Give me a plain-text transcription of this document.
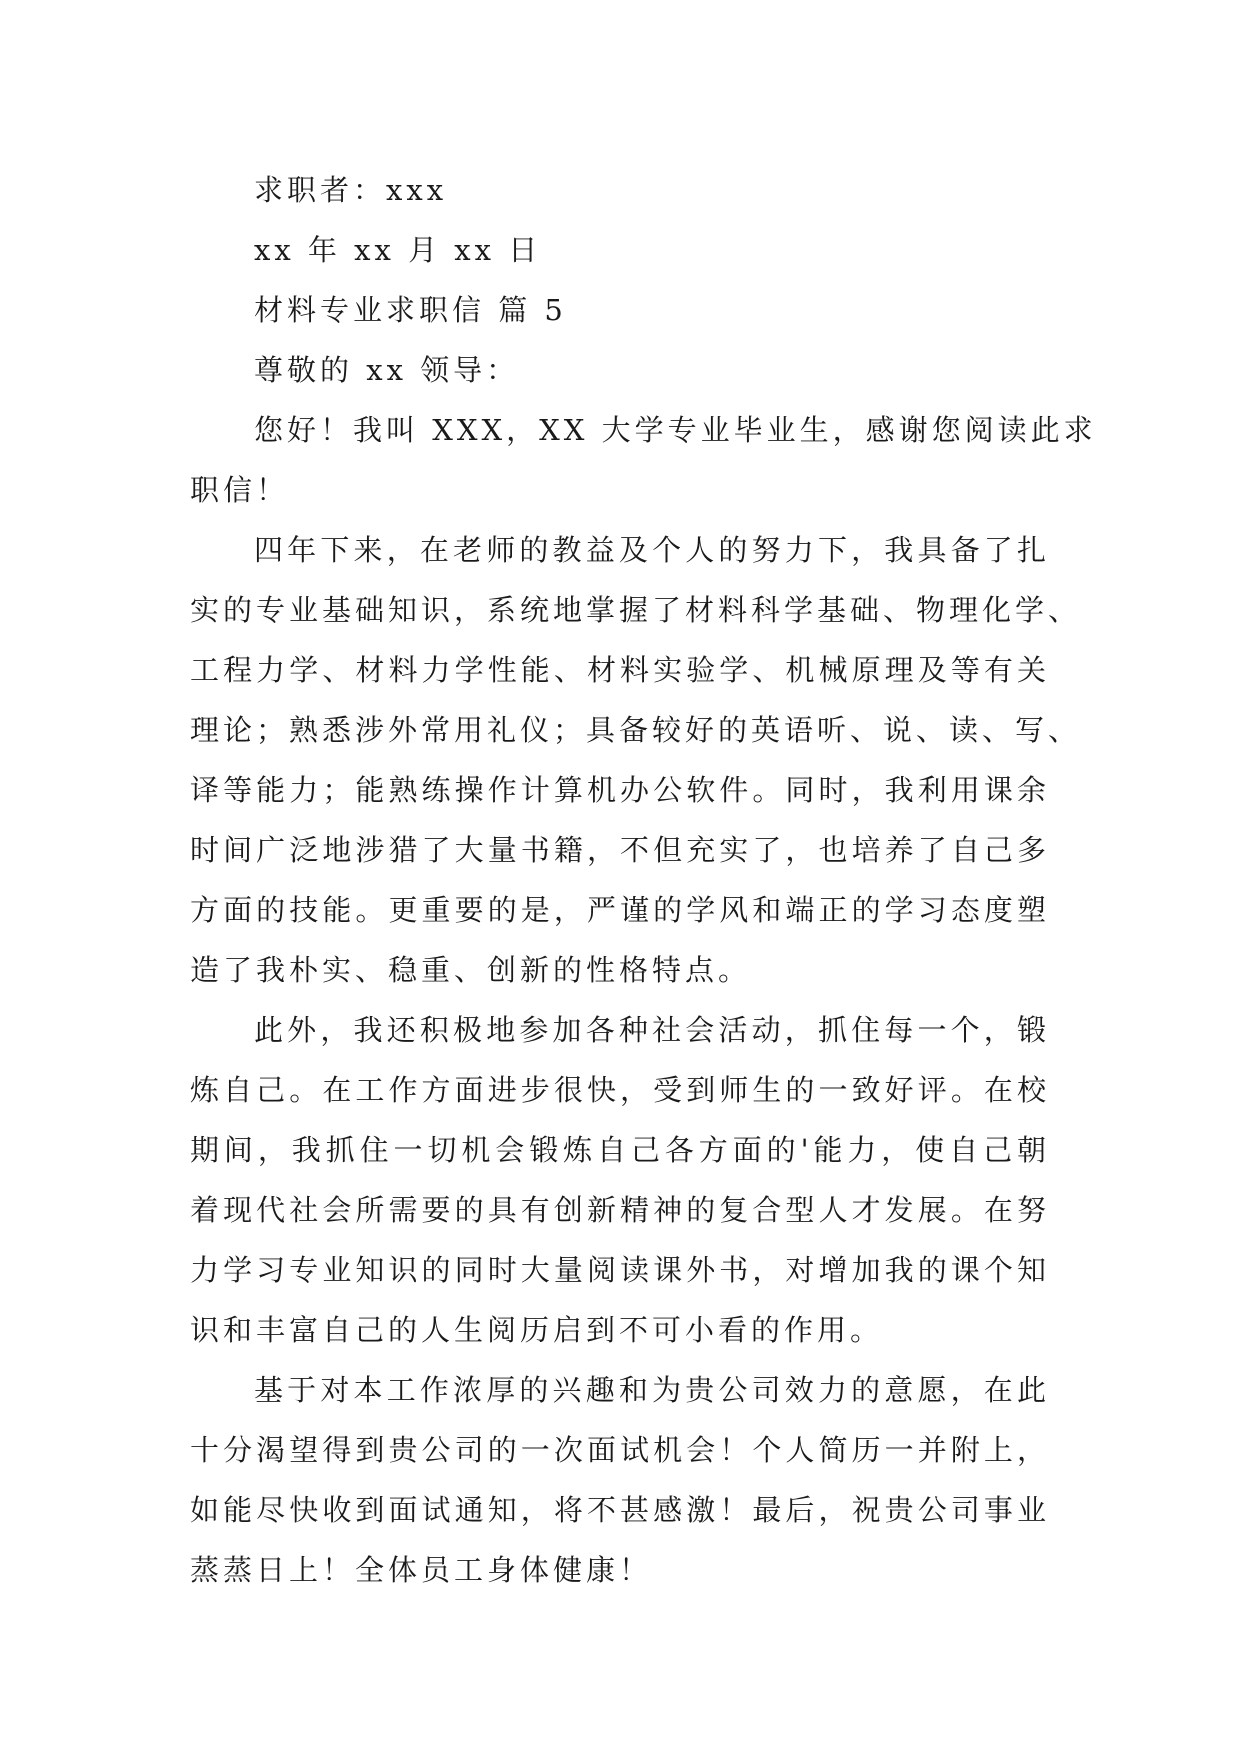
求职者：xxx

xx 年 xx 月 xx 日

材料专业求职信 篇 5

尊敬的 xx 领导：

您好！我叫 XXX，XX 大学专业毕业生，感谢您阅读此求

职信！

四年下来，在老师的教益及个人的努力下，我具备了扎

实的专业基础知识，系统地掌握了材料科学基础、物理化学、

工程力学、材料力学性能、材料实验学、机械原理及等有关

理论；熟悉涉外常用礼仪；具备较好的英语听、说、读、写、

译等能力；能熟练操作计算机办公软件。同时，我利用课余

时间广泛地涉猎了大量书籍，不但充实了，也培养了自己多

方面的技能。更重要的是，严谨的学风和端正的学习态度塑

造了我朴实、稳重、创新的性格特点。

此外，我还积极地参加各种社会活动，抓住每一个，锻

炼自己。在工作方面进步很快，受到师生的一致好评。在校

期间，我抓住一切机会锻炼自己各方面的'能力，使自己朝

着现代社会所需要的具有创新精神的复合型人才发展。在努

力学习专业知识的同时大量阅读课外书，对增加我的课个知

识和丰富自己的人生阅历启到不可小看的作用。

基于对本工作浓厚的兴趣和为贵公司效力的意愿，在此

十分渴望得到贵公司的一次面试机会！个人简历一并附上，

如能尽快收到面试通知，将不甚感激！最后，祝贵公司事业

蒸蒸日上！全体员工身体健康！
